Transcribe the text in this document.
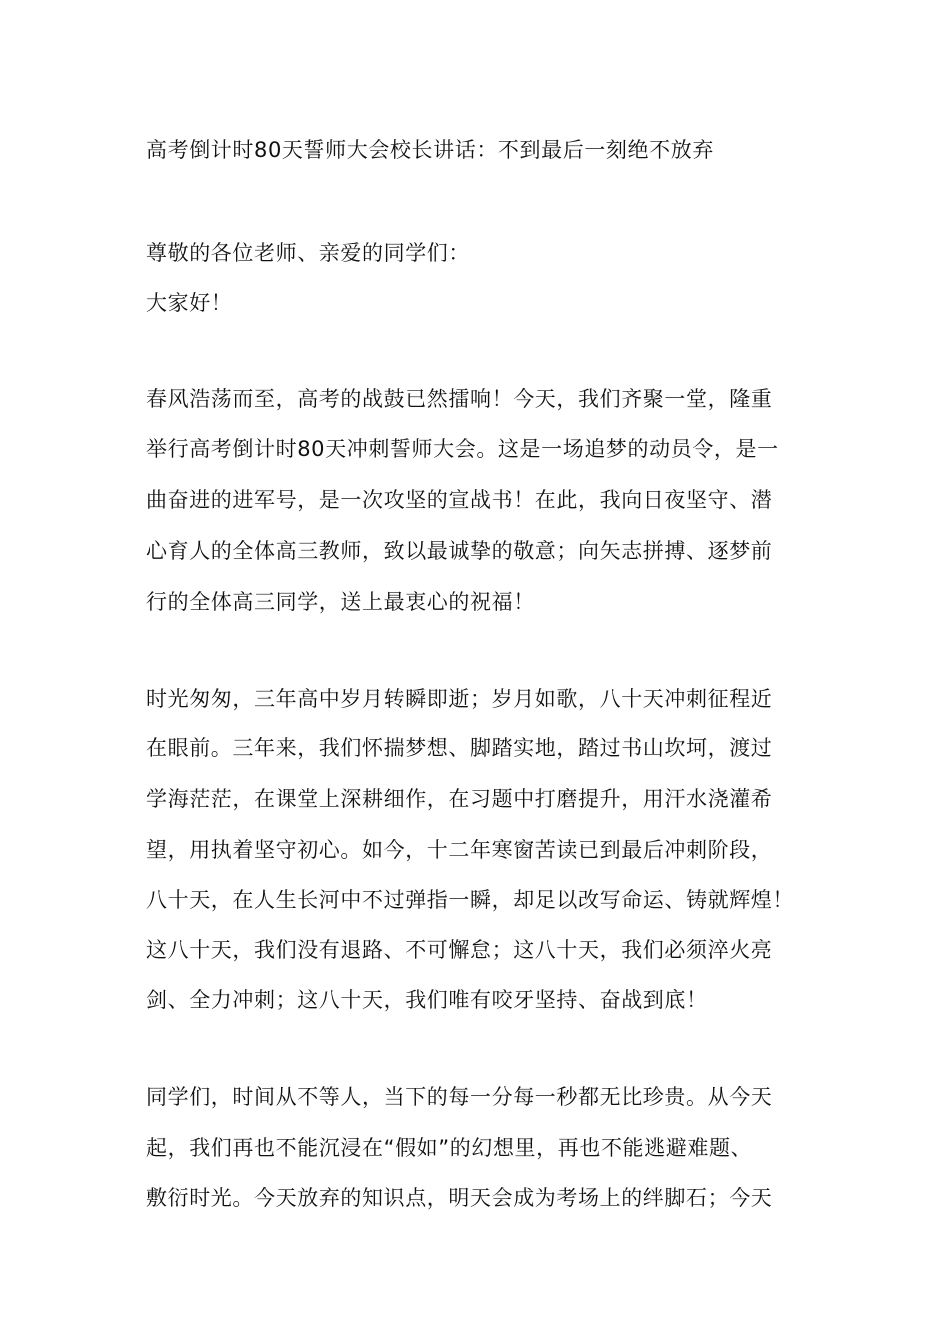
高考倒计时80天誓师大会校长讲话：不到最后一刻绝不放弃
尊敬的各位老师、亲爱的同学们：
大家好！
春风浩荡而至，高考的战鼓已然擂响！今天，我们齐聚一堂，隆重
举行高考倒计时80天冲刺誓师大会。这是一场追梦的动员令，是一
曲奋进的进军号，是一次攻坚的宣战书！在此，我向日夜坚守、潜
心育人的全体高三教师，致以最诚挚的敬意；向矢志拼搏、逐梦前
行的全体高三同学，送上最衷心的祝福！
时光匆匆，三年高中岁月转瞬即逝；岁月如歌，八十天冲刺征程近
在眼前。三年来，我们怀揣梦想、脚踏实地，踏过书山坎坷，渡过
学海茫茫，在课堂上深耕细作，在习题中打磨提升，用汗水浇灌希
望，用执着坚守初心。如今，十二年寒窗苦读已到最后冲刺阶段，
八十天，在人生长河中不过弹指一瞬，却足以改写命运、铸就辉煌！
这八十天，我们没有退路、不可懈怠；这八十天，我们必须淬火亮
剑、全力冲刺；这八十天，我们唯有咬牙坚持、奋战到底！
同学们，时间从不等人，当下的每一分每一秒都无比珍贵。从今天
起，我们再也不能沉浸在“假如”的幻想里，再也不能逃避难题、
敷衍时光。今天放弃的知识点，明天会成为考场上的绊脚石；今天
